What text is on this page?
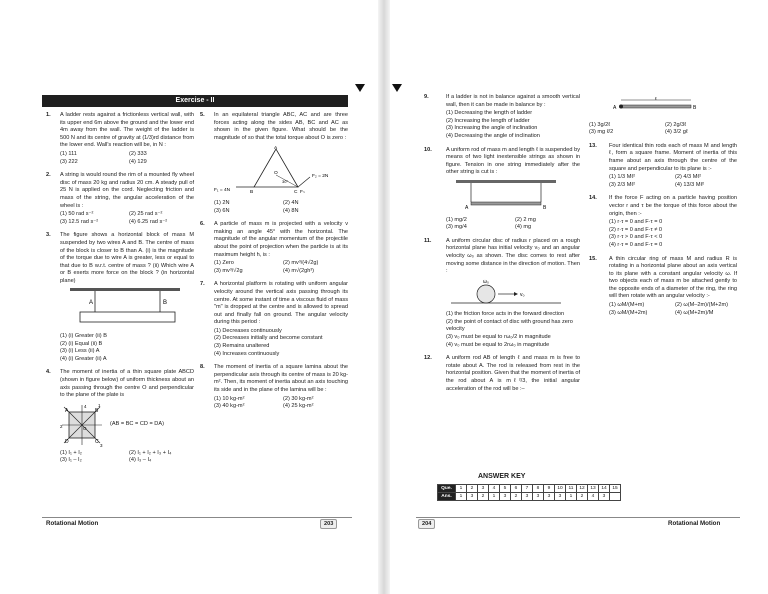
Exercise - II
1. A ladder rests against a frictionless vertical wall, with its upper end 6m above the ground and the lower end 4m away from the wall. The weight of the ladder is 500 N and its centre of gravity at (1/3)rd distance from the lower end. Wall's reaction will be, in N :
(1) 111	(2) 333
(3) 222	(4) 129
2. A string is would round the rim of a mounted fly wheel disc of mass 20 kg and radius 20 cm. A steady pull of 25 N is applied on the cord. Neglecting friction and mass of the string, the angular acceleration of the wheel is :
(1) 50 rad s⁻²	(2) 25 rad s⁻²
(3) 12.5 rad s⁻²	(4) 6.25 rad s⁻²
3. The figure shows a horizontal block of mass M suspended by two wires A and B. The centre of mass of the block is closer to B than A. (i) is the magnitude of the torque due to wire A is greater, less or equal to that due to B w.r.t. centre of mass ? (ii) Which wire A or B exerts more force on the block ? (in horizontal plane)
A	B
(1) (i) Greater (ii) B
(2) (i) Equal (ii) B
(3) (i) Less (ii) A
(4) (i) Greater (ii) A
4. The moment of inertia of a thin square plate ABCD (shown in figure below) of uniform thickness about an axis passing through the centre O and perpendicular to the plane of the plate is
A	B
C
D
O
1
2
3
4
(AB = BC = CD = DA)
(1) I₁ + I₂	(2) I₁ + I₂ + I₃ + I₄
(3) I₁ – I₂	(4) I₃ – I₄
5. In an equilateral triangle ABC, AC and are three forces acting along the sides AB, BC and AC as shown in the given figure. What should be the magnitude of so that the total torque about O is zero :
F₁ = 4N
F₂ = 2N
F₃
O
A
B	C
30°
(1) 2N	(2) 4N
(3) 6N	(4) 8N
6. A particle of mass m is projected with a velocity v making an angle 45° with the horizontal. The magnitude of the angular momentum of the projectile about the point of projection when the particle is at its maximum height h, is :
(1) Zero	(2) mv³/(4√2g)
(3) mv³/√2g	(4) m√(2gh³)
7. A horizontal platform is rotating with uniform angular velocity around the vertical axis passing through its centre. At some instant of time a viscous fluid of mass "m" is dropped at the centre and is allowed to spread out and finally fall on ground. The angular velocity during this period :
(1) Decreases continuously
(2) Decreases initially and become constant
(3) Remains unaltered
(4) Increases continuously
8. The moment of inertia of a square lamina about the perpendicular axis through its centre of mass is 20 kg-m². Then, its moment of inertia about an axis touching its side and in the plane of the lamina will be :
(1) 10 kg-m²	(2) 30 kg-m²
(3) 40 kg-m²	(4) 25 kg-m²
Rotational Motion	203
9.	If a ladder is not in balance against a smooth vertical wall, then it can be made in balance by :
(1) Decreasing the length of ladder
(2) Increasing the length of ladder
(3) Increasing the angle of inclination
(4) Decreasing the angle of inclination
10.	A uniform rod of mass m and length ℓ is suspended by means of two light inextensible strings as shown in figure. Tension in one string immediately after the other string is cut is :
A	B
(1) mg/2	(2) 2 mg
(3) mg/4	(4) mg
11.	A uniform circular disc of radius r placed on a rough horizontal plane has initial velocity v₀ and an angular velocity ω₀ as shown. The disc comes to rest after moving some distance in the direction of motion. Then :
v₀
ω₀
(1) the friction force acts in the forward direction
(2) the point of contact of disc with ground has zero velocity
(3) v₀ must be equal to rω₀/2 in magnitude
(4) v₀ must be equal to 2rω₀ in magnitude
12.	A uniform rod AB of length ℓ and mass m is free to rotate about A. The rod is released from rest in the horizontal position. Given that the moment of inertia of the rod about A is mℓ²/3, the initial angular acceleration of the rod will be :–
A	B
ℓ
(1) 3g/2ℓ	(2) 2g/3ℓ
(3) mg ℓ/2	(4) 3/2 gℓ
13. Four identical thin rods each of mass M and length ℓ, form a square frame. Moment of inertia of this frame about an axis through the centre of the square and perpendicular to its plane is :-
(1) 1/3 Mℓ²	(2) 4/3 Mℓ²
(3) 2/3 Mℓ²	(4) 13/3 Mℓ²
14. If the force F acting on a particle having position vector r and τ be the torque of this force about the origin, then :-
(1) r·τ = 0 and F·τ = 0
(2) r·τ = 0 and F·τ ≠ 0
(3) r·τ > 0 and F·τ < 0
(4) r·τ = 0 and F·τ = 0
15. A thin circular ring of mass M and radius R is rotating in a horizontal plane about an axis vertical to its plane with a constant angular velocity ω. If two objects each of mass m be attached gently to the opposite ends of a diameter of the ring, the ring will then rotate with an angular velocity :-
(1) ωM/(M+m)	(2) ω(M–2m)/(M+2m)
(3) ωM/(M+2m)	(4) ω(M+2m)/M
204	Rotational Motion
ANSWER KEY
Que.	1	2	3	4	5	6	7	8	9	10	11	12	13	14	15
Ans.	1	3	2	1	3	2	3	3	3	3	1	2	4	3	
